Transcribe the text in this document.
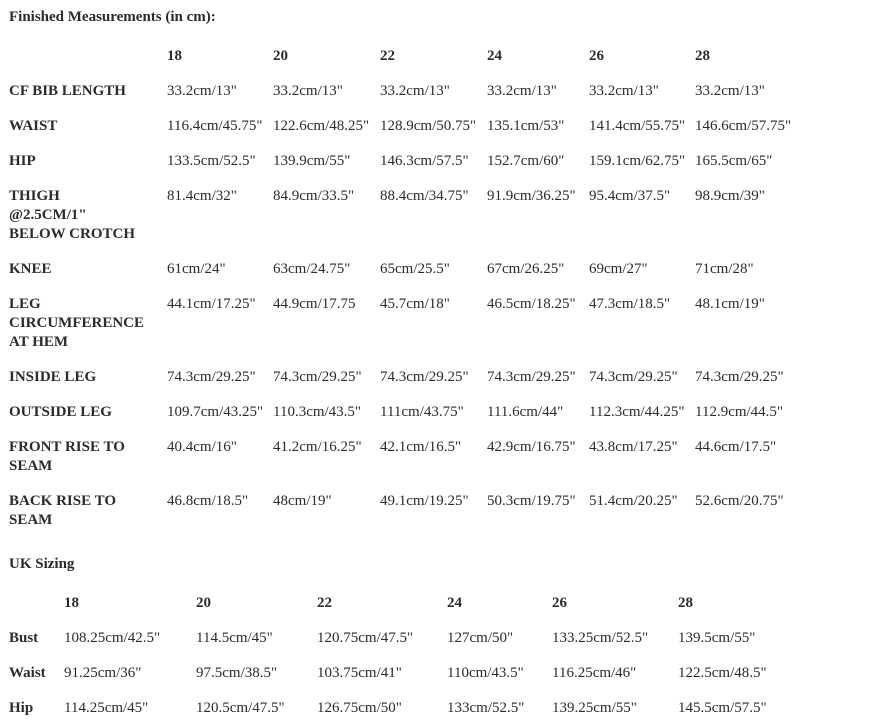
Finished Measurements (in cm):

	18	20	22	24	26	28
CF BIB LENGTH	33.2cm/13"	33.2cm/13"	33.2cm/13"	33.2cm/13"	33.2cm/13"	33.2cm/13"
WAIST	116.4cm/45.75"	122.6cm/48.25"	128.9cm/50.75"	135.1cm/53"	141.4cm/55.75"	146.6cm/57.75"
HIP	133.5cm/52.5"	139.9cm/55"	146.3cm/57.5"	152.7cm/60"	159.1cm/62.75"	165.5cm/65"
THIGH @2.5CM/1" BELOW CROTCH	81.4cm/32"	84.9cm/33.5"	88.4cm/34.75"	91.9cm/36.25"	95.4cm/37.5"	98.9cm/39"
KNEE	61cm/24"	63cm/24.75"	65cm/25.5"	67cm/26.25"	69cm/27"	71cm/28"
LEG CIRCUMFERENCE AT HEM	44.1cm/17.25"	44.9cm/17.75	45.7cm/18"	46.5cm/18.25"	47.3cm/18.5"	48.1cm/19"
INSIDE LEG	74.3cm/29.25"	74.3cm/29.25"	74.3cm/29.25"	74.3cm/29.25"	74.3cm/29.25"	74.3cm/29.25"
OUTSIDE LEG	109.7cm/43.25"	110.3cm/43.5"	111cm/43.75"	111.6cm/44"	112.3cm/44.25"	112.9cm/44.5"
FRONT RISE TO SEAM	40.4cm/16"	41.2cm/16.25"	42.1cm/16.5"	42.9cm/16.75"	43.8cm/17.25"	44.6cm/17.5"
BACK RISE TO SEAM	46.8cm/18.5"	48cm/19"	49.1cm/19.25"	50.3cm/19.75"	51.4cm/20.25"	52.6cm/20.75"

UK Sizing

	18	20	22	24	26	28
Bust	108.25cm/42.5"	114.5cm/45"	120.75cm/47.5"	127cm/50"	133.25cm/52.5"	139.5cm/55"
Waist	91.25cm/36"	97.5cm/38.5"	103.75cm/41"	110cm/43.5"	116.25cm/46"	122.5cm/48.5"
Hip	114.25cm/45"	120.5cm/47.5"	126.75cm/50"	133cm/52.5"	139.25cm/55"	145.5cm/57.5"
